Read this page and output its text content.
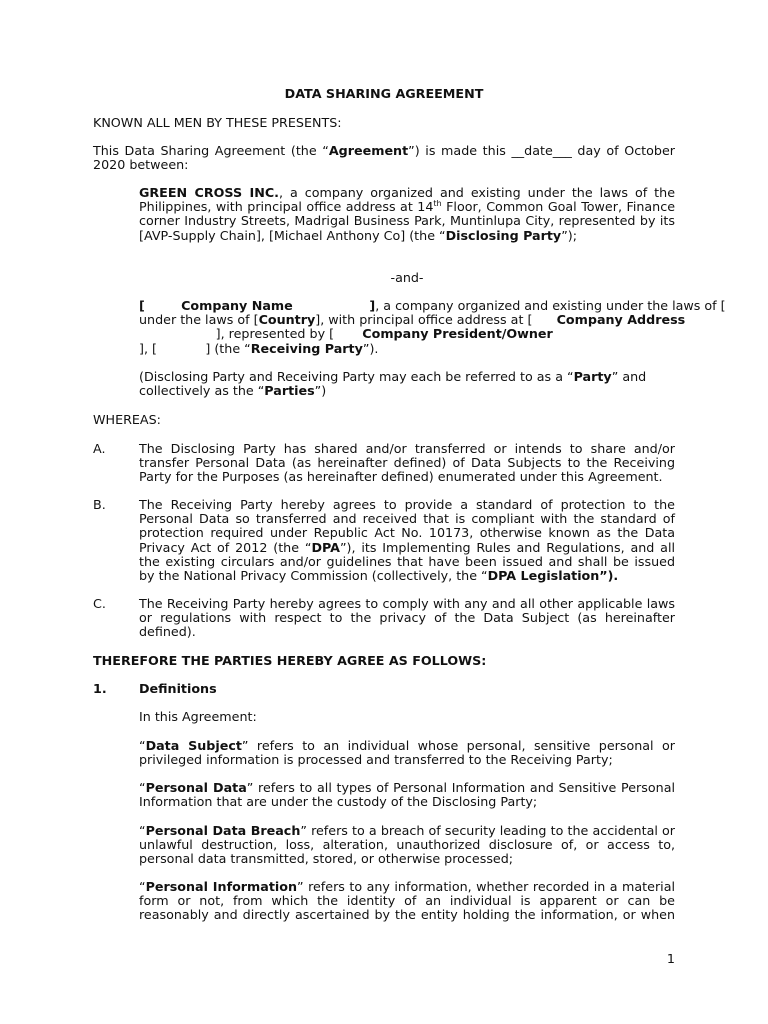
DATA SHARING AGREEMENT

KNOWN ALL MEN BY THESE PRESENTS:

This Data Sharing Agreement (the “Agreement”) is made this __date___ day of October 2020 between:

GREEN CROSS INC., a company organized and existing under the laws of the Philippines, with principal office address at 14th Floor, Common Goal Tower, Finance corner Industry Streets, Madrigal Business Park, Muntinlupa City, represented by its [AVP-Supply Chain], [Michael Anthony Co] (the “Disclosing Party”);

-and-

[	Company Name	], a company organized and existing under the laws of [
under the laws of [Country], with principal office address at [      Company Address
], represented by [       Company President/Owner
], [	] (the “Receiving Party”).

(Disclosing Party and Receiving Party may each be referred to as a “Party” and collectively as the “Parties”)

WHEREAS:

A.	The Disclosing Party has shared and/or transferred or intends to share and/or transfer Personal Data (as hereinafter defined) of Data Subjects to the Receiving Party for the Purposes (as hereinafter defined) enumerated under this Agreement.

B.	The Receiving Party hereby agrees to provide a standard of protection to the Personal Data so transferred and received that is compliant with the standard of protection required under Republic Act No. 10173, otherwise known as the Data Privacy Act of 2012 (the “DPA”), its Implementing Rules and Regulations, and all the existing circulars and/or guidelines that have been issued and shall be issued by the National Privacy Commission (collectively, the “DPA Legislation”).

C.	The Receiving Party hereby agrees to comply with any and all other applicable laws or regulations with respect to the privacy of the Data Subject (as hereinafter defined).

THEREFORE THE PARTIES HEREBY AGREE AS FOLLOWS:

1.	Definitions

In this Agreement:

“Data Subject” refers to an individual whose personal, sensitive personal or privileged information is processed and transferred to the Receiving Party;

“Personal Data” refers to all types of Personal Information and Sensitive Personal Information that are under the custody of the Disclosing Party;

“Personal Data Breach” refers to a breach of security leading to the accidental or unlawful destruction, loss, alteration, unauthorized disclosure of, or access to, personal data transmitted, stored, or otherwise processed;

“Personal Information” refers to any information, whether recorded in a material form or not, from which the identity of an individual is apparent or can be reasonably and directly ascertained by the entity holding the information, or when

1
